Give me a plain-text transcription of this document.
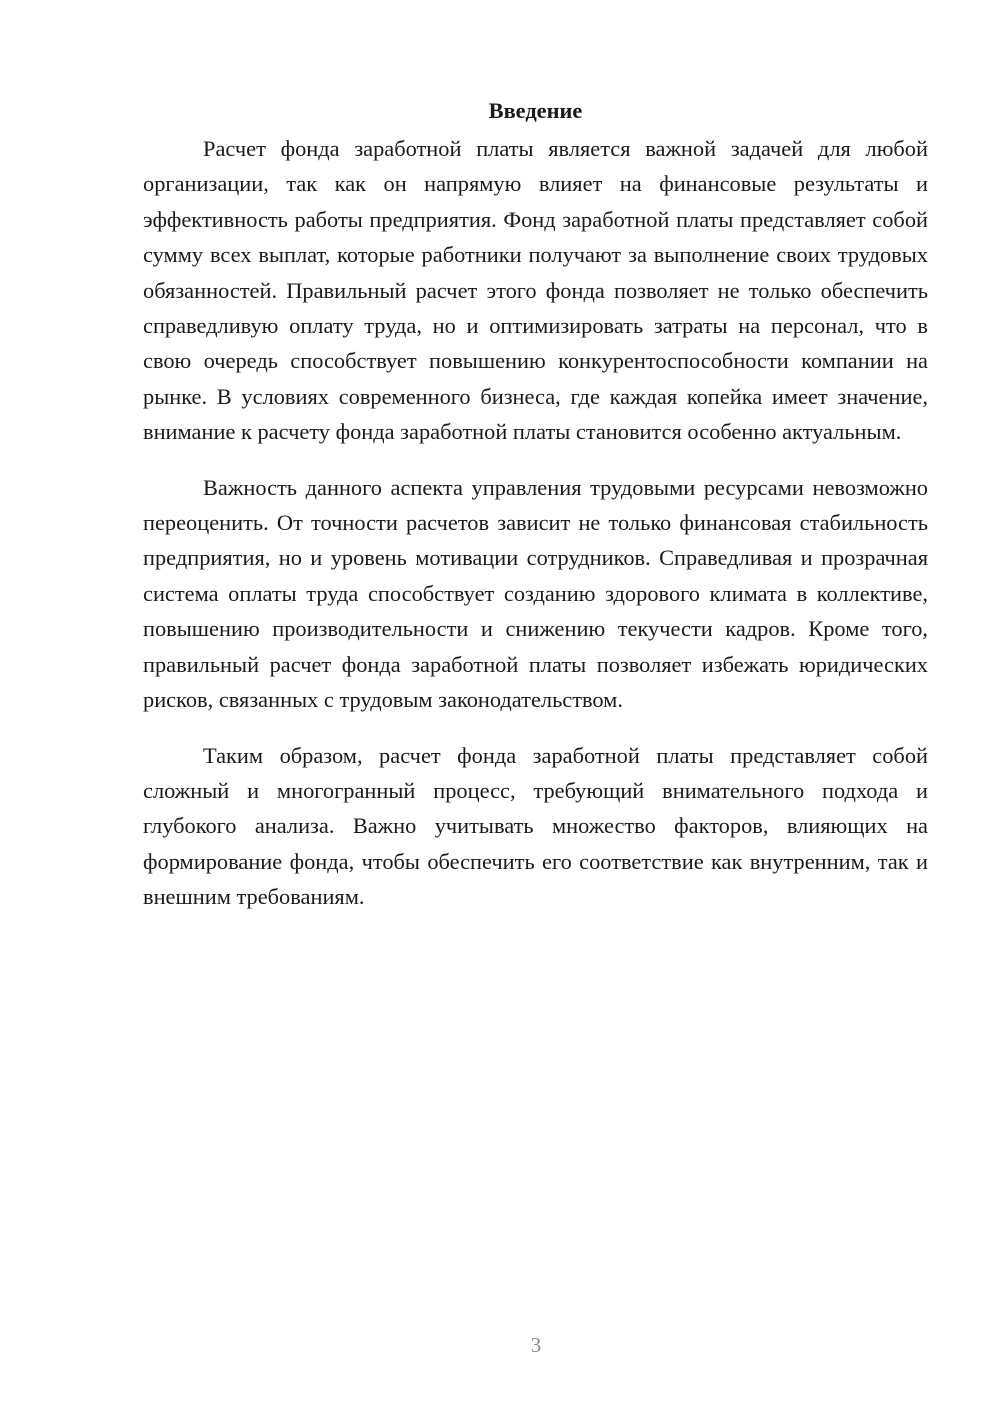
Введение

Расчет фонда заработной платы является важной задачей для любой организации, так как он напрямую влияет на финансовые результаты и эффективность работы предприятия. Фонд заработной платы представляет собой сумму всех выплат, которые работники получают за выполнение своих трудовых обязанностей. Правильный расчет этого фонда позволяет не только обеспечить справедливую оплату труда, но и оптимизировать затраты на персонал, что в свою очередь способствует повышению конкурентоспособности компании на рынке. В условиях современного бизнеса, где каждая копейка имеет значение, внимание к расчету фонда заработной платы становится особенно актуальным.

Важность данного аспекта управления трудовыми ресурсами невозможно переоценить. От точности расчетов зависит не только финансовая стабильность предприятия, но и уровень мотивации сотрудников. Справедливая и прозрачная система оплаты труда способствует созданию здорового климата в коллективе, повышению производительности и снижению текучести кадров. Кроме того, правильный расчет фонда заработной платы позволяет избежать юридических рисков, связанных с трудовым законодательством.

Таким образом, расчет фонда заработной платы представляет собой сложный и многогранный процесс, требующий внимательного подхода и глубокого анализа. Важно учитывать множество факторов, влияющих на формирование фонда, чтобы обеспечить его соответствие как внутренним, так и внешним требованиям.

3
